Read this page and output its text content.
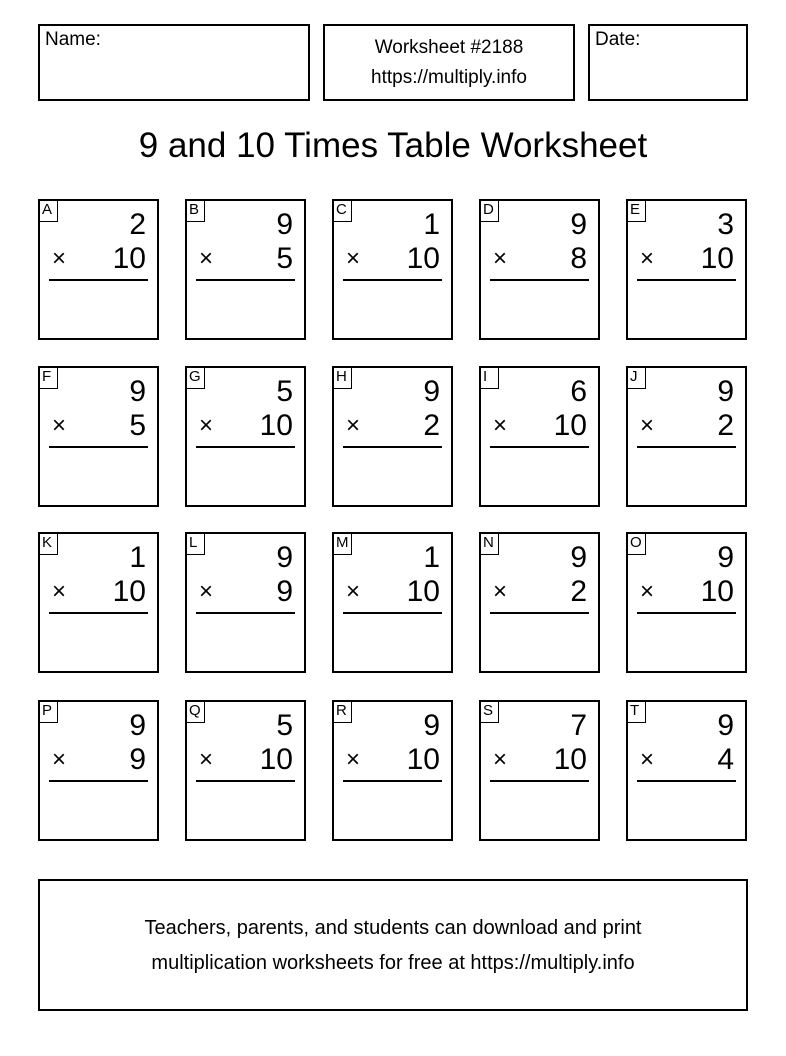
Name:	Worksheet #2188
https://multiply.info
Date:
9 and 10 Times Table Worksheet
A	2
× 10
B	9
× 5
C	1
× 10
D	9
× 8
E	3
× 10
F	9
× 5
G	5
× 10
H	9
× 2
I	6
× 10
J	9
× 2
K	1
× 10
L	9
× 9
M 1
× 10
N	9
× 2
O	9
× 10
P	9
× 9
Q	5
× 10
R	9
× 10
S	7
× 10
T	9
× 4
Teachers, parents, and students can download and print
multiplication worksheets for free at https://multiply.info
